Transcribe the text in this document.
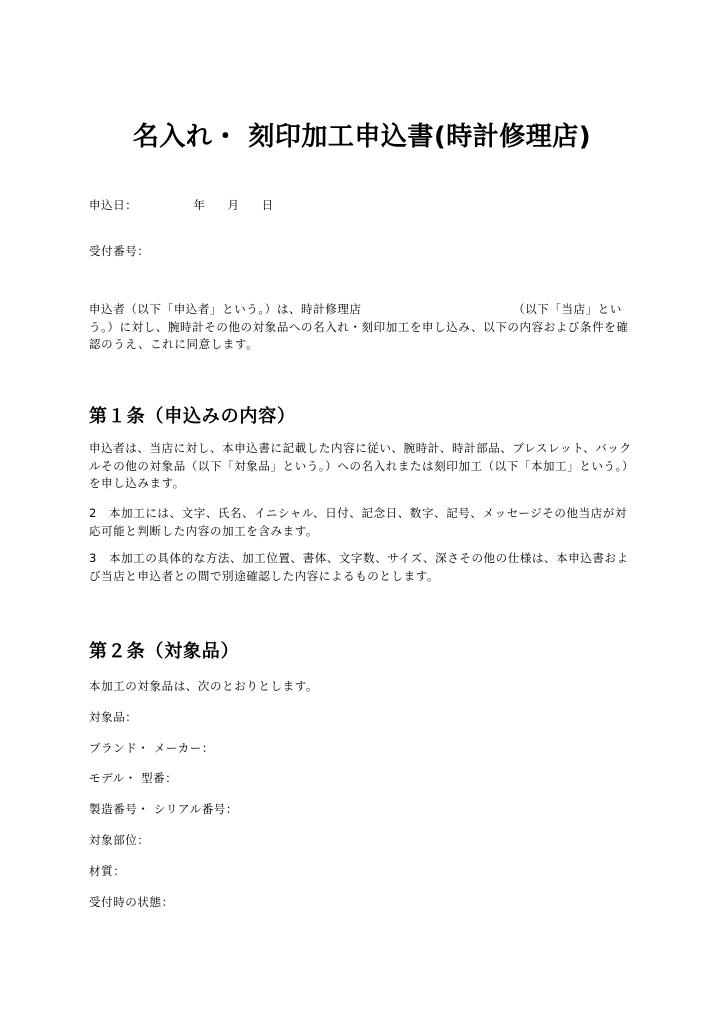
名入れ・ 刻印加工申込書(時計修理店)
申込日：	年 月 日
受付番号：
申込者（以下「申込者」という。）は、時計修理店　　　　　　　　　　　　　（以下「当店」という。）に対し、腕時計その他の対象品への名入れ・刻印加工を申し込み、以下の内容および条件を確認のうえ、これに同意します。
第１条（申込みの内容）
申込者は、当店に対し、本申込書に記載した内容に従い、腕時計、時計部品、ブレスレット、バックルその他の対象品（以下「対象品」という。）への名入れまたは刻印加工（以下「本加工」という。）を申し込みます。
2　本加工には、文字、氏名、イニシャル、日付、記念日、数字、記号、メッセージその他当店が対応可能と判断した内容の加工を含みます。
3　本加工の具体的な方法、加工位置、書体、文字数、サイズ、深さその他の仕様は、本申込書および当店と申込者との間で別途確認した内容によるものとします。
第２条（対象品）
本加工の対象品は、次のとおりとします。
対象品：
ブランド・ メーカー：
モデル・ 型番：
製造番号・ シリアル番号：
対象部位：
材質：
受付時の状態：
